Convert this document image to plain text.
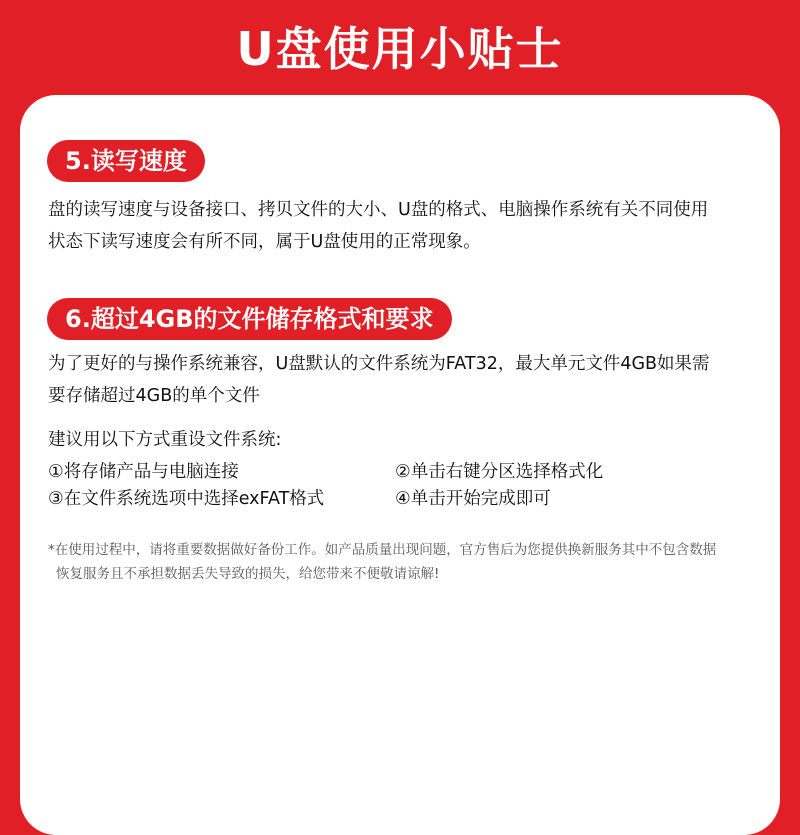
U盘使用小贴士
5.读写速度
盘的读写速度与设备接口、拷贝文件的大小、U盘的格式、电脑操作系统有关不同使用
状态下读写速度会有所不同，属于U盘使用的正常现象。
6.超过4GB的文件储存格式和要求
为了更好的与操作系统兼容，U盘默认的文件系统为FAT32，最大单元文件4GB如果需
要存储超过4GB的单个文件
建议用以下方式重设文件系统:
①将存储产品与电脑连接	②单击右键分区选择格式化
③在文件系统选项中选择exFAT格式	④单击开始完成即可
*在使用过程中，请将重要数据做好备份工作。如产品质量出现问题，官方售后为您提供换新服务其中不包含数据
恢复服务且不承担数据丢失导致的损失，给您带来不便敬请谅解!
